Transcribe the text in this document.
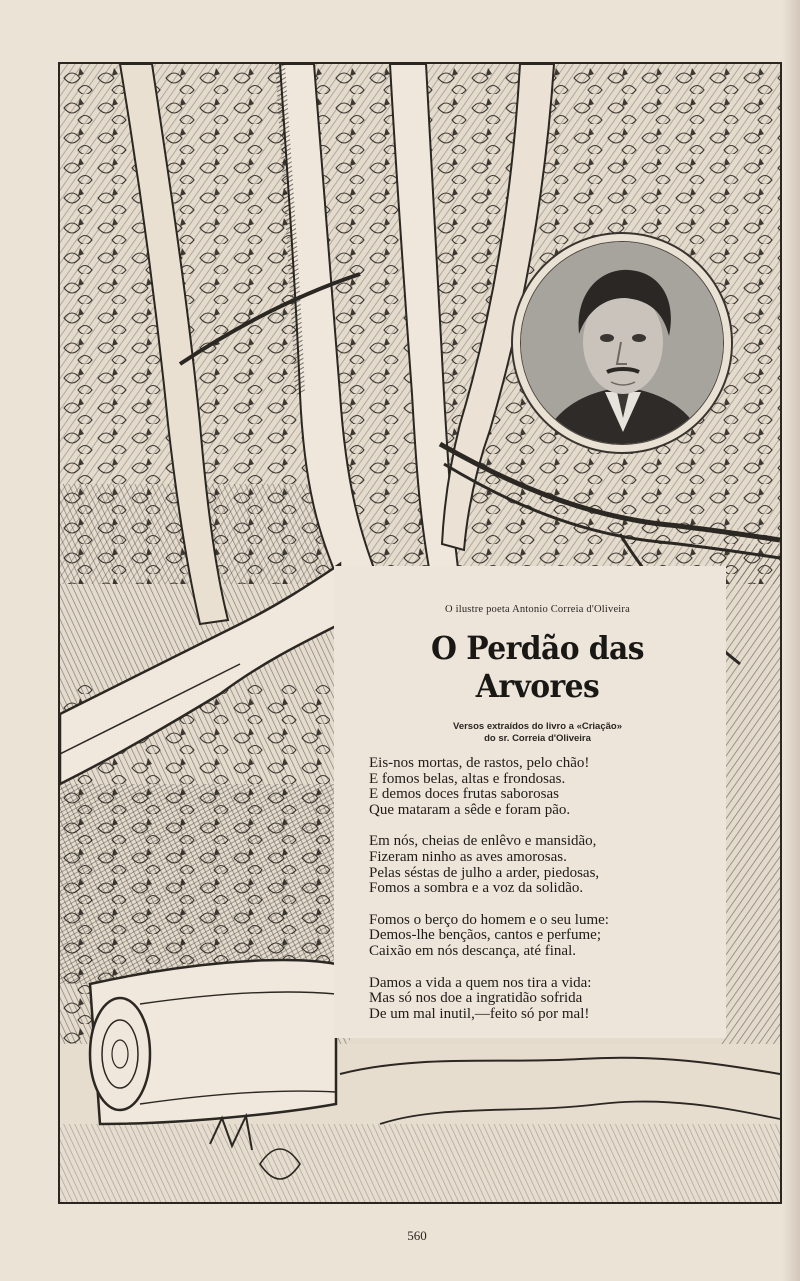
O ilustre poeta Antonio Correia d'Oliveira

O Perdão das Arvores

Versos extraídos do livro a «Criação»
do sr. Correia d'Oliveira

Eis-nos mortas, de rastos, pelo chão!
E fomos belas, altas e frondosas.
E demos doces frutas saborosas
Que mataram a sêde e foram pão.

Em nós, cheias de enlêvo e mansidão,
Fizeram ninho as aves amorosas.
Pelas séstas de julho a arder, piedosas,
Fomos a sombra e a voz da solidão.

Fomos o berço do homem e o seu lume:
Demos-lhe bençãos, cantos e perfume;
Caixão em nós descança, até final.

Damos a vida a quem nos tira a vida:
Mas só nos doe a ingratidão sofrida
De um mal inutil,—feito só por mal!

560
